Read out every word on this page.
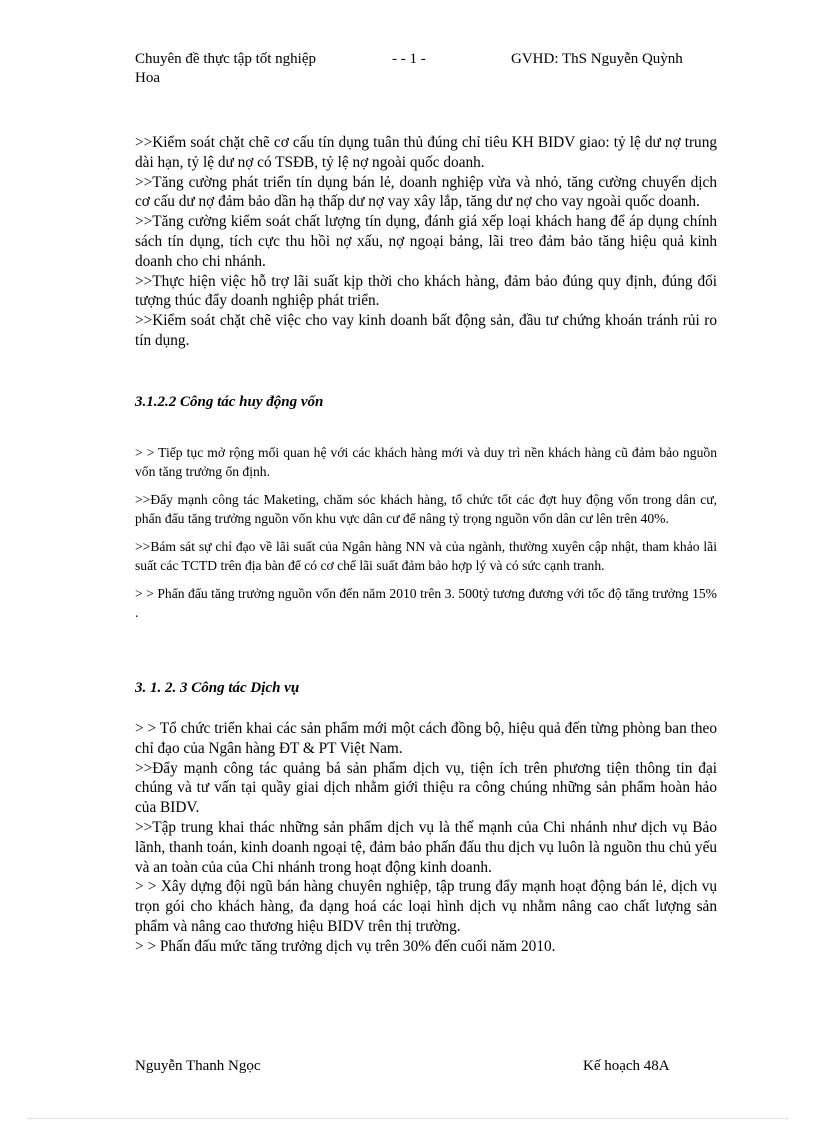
Chuyên đề thực tập tốt nghiệp	- - 1 -	GVHD: ThS Nguyễn Quỳnh
Hoa

>>Kiểm soát chặt chẽ cơ cấu tín dụng tuân thủ đúng chỉ tiêu KH BIDV giao: tỷ lệ dư nợ trung dài hạn, tỷ lệ dư nợ có TSĐB, tỷ lệ nợ ngoài quốc doanh.

>>Tăng cường phát triển tín dụng bán lẻ, doanh nghiệp vừa và nhỏ, tăng cường chuyển dịch cơ cấu dư nợ đảm bảo dần hạ thấp dư nợ vay xây lắp, tăng dư nợ cho vay ngoài quốc doanh.

>>Tăng cường kiểm soát chất lượng tín dụng, đánh giá xếp loại khách hang để áp dụng chính sách tín dụng, tích cực thu hồi nợ xấu, nợ ngoại bảng, lãi treo đảm bảo tăng hiệu quả kinh doanh cho chi nhánh.

>>Thực hiện việc hỗ trợ lãi suất kịp thời cho khách hàng, đảm bảo đúng quy định, đúng đối tượng thúc đẩy doanh nghiệp phát triển.

>>Kiểm soát chặt chẽ việc cho vay kinh doanh bất động sản, đầu tư chứng khoán tránh rủi ro tín dụng.

3.1.2.2 Công tác huy động vốn

> > Tiếp tục mở rộng mối quan hệ với các khách hàng mới và duy trì nền khách hàng cũ đảm bảo nguồn vốn tăng trưởng ổn định.

>>Đẩy mạnh công tác Maketing, chăm sóc khách hàng, tổ chức tốt các đợt huy động vốn trong dân cư, phấn đấu tăng trưởng nguồn vốn khu vực dân cư để nâng tỷ trọng nguồn vốn dân cư lên trên 40%.

>>Bám sát sự chỉ đạo về lãi suất của Ngân hàng NN và của ngành, thường xuyên cập nhật, tham khảo lãi suất các TCTD trên địa bàn để có cơ chế lãi suất đảm bảo hợp lý và có sức cạnh tranh.

> > Phấn đấu tăng trưởng nguồn vốn đến năm 2010 trên 3. 500tỷ tương đương với tốc độ tăng trưởng 15% .

3. 1. 2. 3 Công tác Dịch vụ

> > Tổ chức triển khai các sản phẩm mới một cách đồng bộ, hiệu quả đến từng phòng ban theo chỉ đạo của Ngân hàng ĐT & PT Việt Nam.

>>Đẩy mạnh công tác quảng bá sản phẩm dịch vụ, tiện ích trên phương tiện thông tin đại chúng và tư vấn tại quầy giai dịch nhằm giới thiệu ra công chúng những sản phẩm hoàn hảo của BIDV.

>>Tập trung khai thác những sản phẩm dịch vụ là thế mạnh của Chi nhánh như dịch vụ Bảo lãnh, thanh toán, kinh doanh ngoại tệ, đảm bảo phấn đấu thu dịch vụ luôn là nguồn thu chủ yếu và an toàn của của Chi nhánh trong hoạt động kinh doanh.

> > Xây dựng đội ngũ bán hàng chuyên nghiệp, tập trung đẩy mạnh hoạt động bán lẻ, dịch vụ trọn gói cho khách hàng, đa dạng hoá các loại hình dịch vụ nhằm nâng cao chất lượng sản phẩm và nâng cao thương hiệu BIDV trên thị trường.

> > Phấn đấu mức tăng trưởng dịch vụ trên 30% đến cuối năm 2010.

Nguyễn Thanh Ngọc	Kế hoạch 48A
